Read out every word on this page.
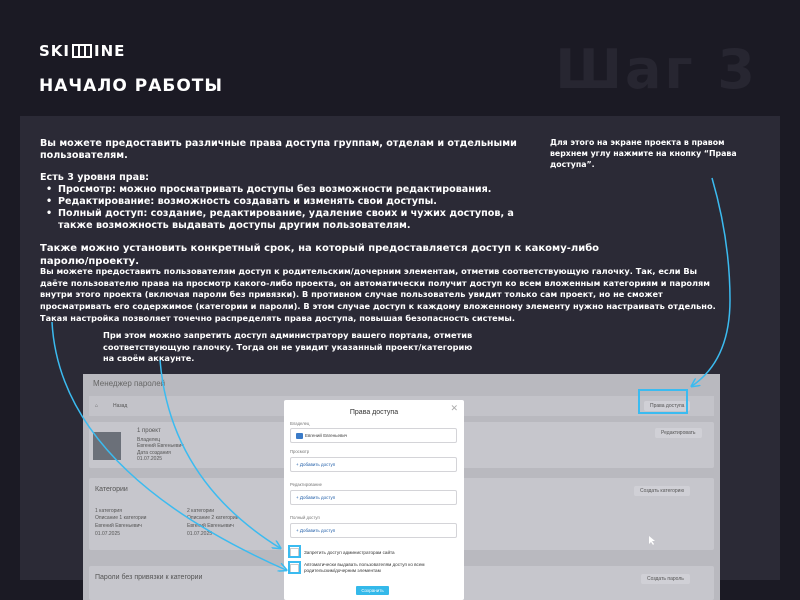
SKI INE	Шаг 3
НАЧАЛО РАБОТЫ
Вы можете предоставить различные права доступа группам, отделам и отдельными пользователям.
Есть 3 уровня прав:
• Просмотр: можно просматривать доступы без возможности редактирования.
• Редактирование: возможность создавать и изменять свои доступы.
• Полный доступ: создание, редактирование, удаление своих и чужих доступов, а также возможность выдавать доступы другим пользователям.
Также можно установить конкретный срок, на который предоставляется доступ к какому-либо паролю/проекту.
Вы можете предоставить пользователям доступ к родительским/дочерним элементам, отметив соответствующую галочку. Так, если Вы даёте пользователю права на просмотр какого-либо проекта, он автоматически получит доступ ко всем вложенным категориям и паролям внутри этого проекта (включая пароли без привязки). В противном случае пользователь увидит только сам проект, но не сможет просматривать его содержимое (категории и пароли). В этом случае доступ к каждому вложенному элементу нужно настраивать отдельно. Такая настройка позволяет точечно распределять права доступа, повышая безопасность системы.
При этом можно запретить доступ администратору вашего портала, отметив соответствующую галочку. Тогда он не увидит указанный проект/категорию на своём аккаунте.
Для этого на экране проекта в правом верхнем углу нажмите на кнопку “Права доступа”.
Менеджер паролей
⌂	Назад	Права доступа
1 проект
Владелец
Евгений Евгеньевич
Дата создания
01.07.2025
Редактировать
Категории	Создать категорию
1 категория
Описание 1 категории
Евгений Евгеньевич
01.07.2025
2 категории
Описание 2 категории
Евгений Евгеньевич
01.07.2025
Пароли без привязки к категории	Создать пароль
✕
Права доступа
Владелец
Евгений Евгеньевич
Просмотр
+ Добавить доступ
Редактирование
+ Добавить доступ
Полный доступ
+ Добавить доступ
Запретить доступ администраторам сайта
Автоматически выдавать пользователям доступ ко всем родительским/дочерним элементам
Сохранить
